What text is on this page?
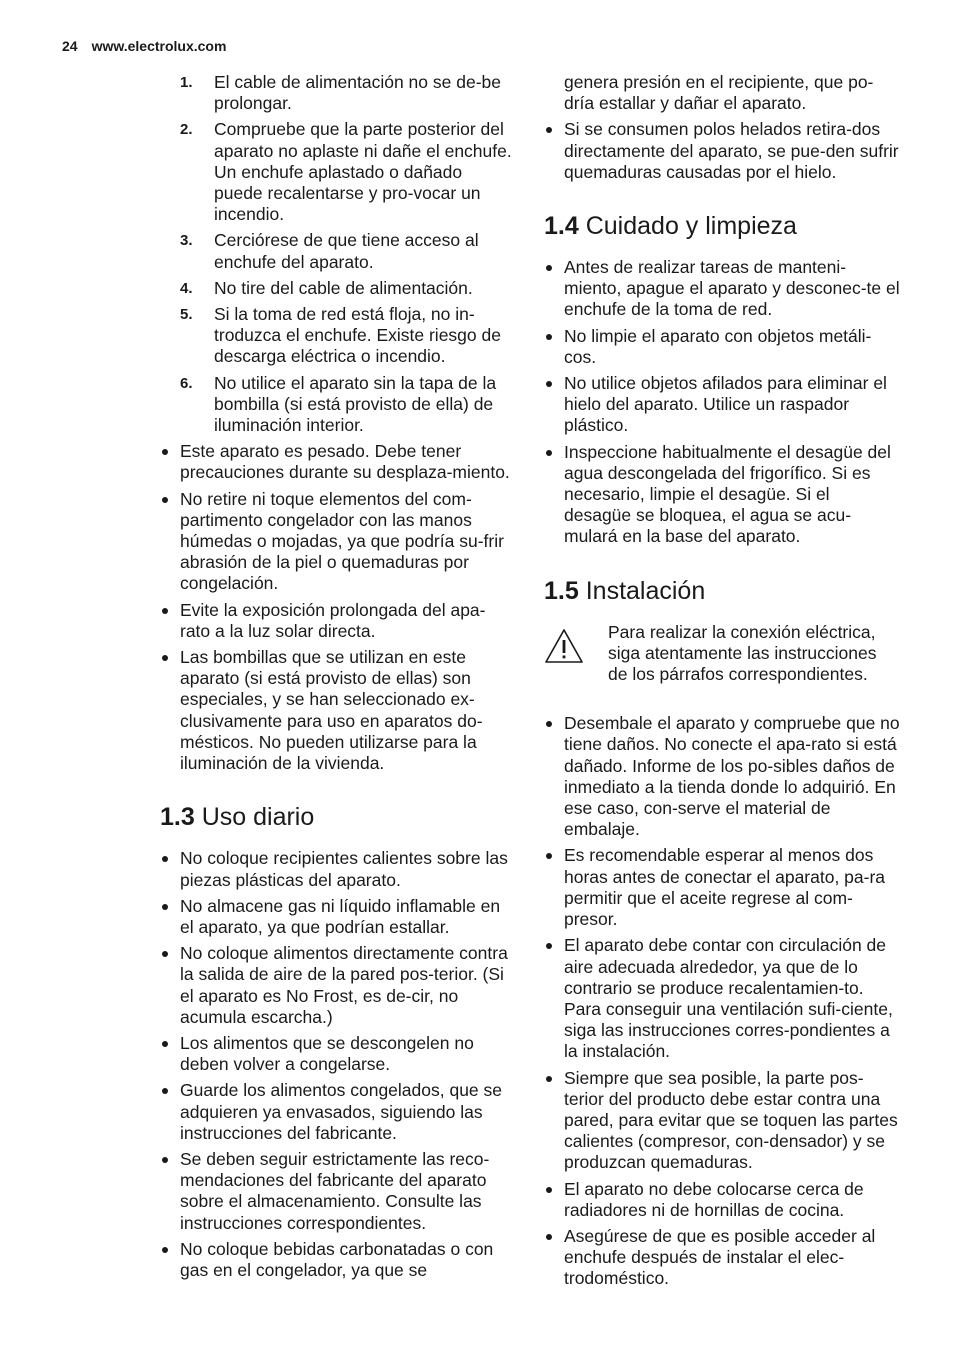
24 www.electrolux.com
1. El cable de alimentación no se de-be prolongar.
2. Compruebe que la parte posterior del aparato no aplaste ni dañe el enchufe. Un enchufe aplastado o dañado puede recalentarse y pro-vocar un incendio.
3. Cerciórese de que tiene acceso al enchufe del aparato.
4. No tire del cable de alimentación.
5. Si la toma de red está floja, no in-troduzca el enchufe. Existe riesgo de descarga eléctrica o incendio.
6. No utilice el aparato sin la tapa de la bombilla (si está provisto de ella) de iluminación interior.
Este aparato es pesado. Debe tener precauciones durante su desplaza-miento.
No retire ni toque elementos del com-partimento congelador con las manos húmedas o mojadas, ya que podría su-frir abrasión de la piel o quemaduras por congelación.
Evite la exposición prolongada del apa-rato a la luz solar directa.
Las bombillas que se utilizan en este aparato (si está provisto de ellas) son especiales, y se han seleccionado ex-clusivamente para uso en aparatos do-mésticos. No pueden utilizarse para la iluminación de la vivienda.
1.3 Uso diario
No coloque recipientes calientes sobre las piezas plásticas del aparato.
No almacene gas ni líquido inflamable en el aparato, ya que podrían estallar.
No coloque alimentos directamente contra la salida de aire de la pared pos-terior. (Si el aparato es No Frost, es de-cir, no acumula escarcha.)
Los alimentos que se descongelen no deben volver a congelarse.
Guarde los alimentos congelados, que se adquieren ya envasados, siguiendo las instrucciones del fabricante.
Se deben seguir estrictamente las reco-mendaciones del fabricante del aparato sobre el almacenamiento. Consulte las instrucciones correspondientes.
No coloque bebidas carbonatadas o con gas en el congelador, ya que se

genera presión en el recipiente, que po-dría estallar y dañar el aparato.

Si se consumen polos helados retira-dos directamente del aparato, se pue-den sufrir quemaduras causadas por el hielo.
1.4 Cuidado y limpieza
Antes de realizar tareas de manteni-miento, apague el aparato y desconec-te el enchufe de la toma de red.
No limpie el aparato con objetos metáli-cos.
No utilice objetos afilados para eliminar el hielo del aparato. Utilice un raspador plástico.
Inspeccione habitualmente el desagüe del agua descongelada del frigorífico. Si es necesario, limpie el desagüe. Si el desagüe se bloquea, el agua se acu-mulará en la base del aparato.
1.5 Instalación

Para realizar la conexión eléctrica, siga atentamente las instrucciones de los párrafos correspondientes.

Desembale el aparato y compruebe que no tiene daños. No conecte el apa-rato si está dañado. Informe de los po-sibles daños de inmediato a la tienda donde lo adquirió. En ese caso, con-serve el material de embalaje.
Es recomendable esperar al menos dos horas antes de conectar el aparato, pa-ra permitir que el aceite regrese al com-presor.
El aparato debe contar con circulación de aire adecuada alrededor, ya que de lo contrario se produce recalentamien-to. Para conseguir una ventilación sufi-ciente, siga las instrucciones corres-pondientes a la instalación.
Siempre que sea posible, la parte pos-terior del producto debe estar contra una pared, para evitar que se toquen las partes calientes (compresor, con-densador) y se produzcan quemaduras.
El aparato no debe colocarse cerca de radiadores ni de hornillas de cocina.
Asegúrese de que es posible acceder al enchufe después de instalar el elec-trodoméstico.
